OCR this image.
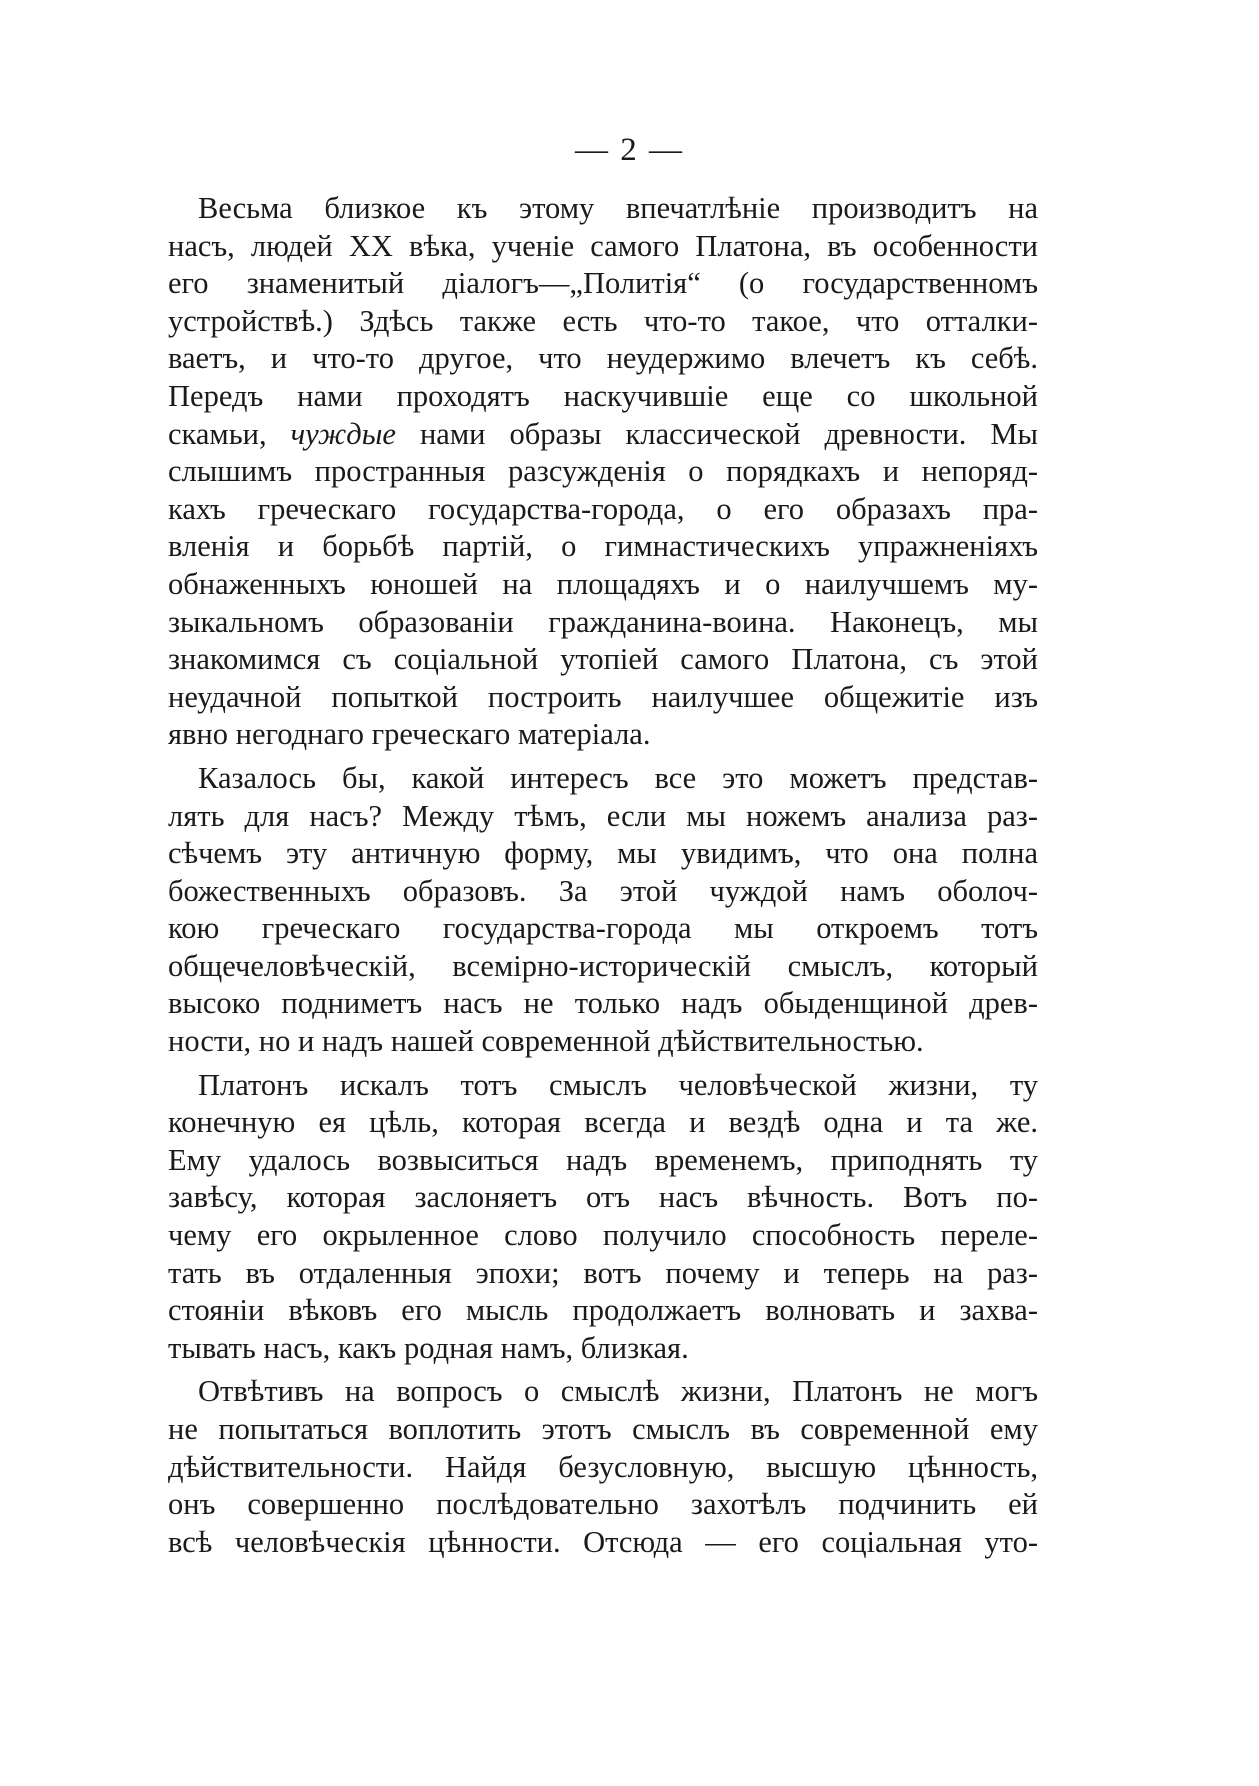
— 2 —
Весьма близкое къ этому впечатлѣніе производитъ на
насъ, людей XX вѣка, ученіе самого Платона, въ особенности
его знаменитый діалогъ—„Политія“ (о государственномъ
устройствѣ.) Здѣсь также есть что-то такое, что отталки-
ваетъ, и что-то другое, что неудержимо влечетъ къ себѣ.
Передъ нами проходятъ наскучившіе еще со школьной
скамьи, чуждые нами образы классической древности. Мы
слышимъ пространныя разсужденія о порядкахъ и непоряд-
кахъ греческаго государства-города, о его образахъ пра-
вленія и борьбѣ партій, о гимнастическихъ упражненіяхъ
обнаженныхъ юношей на площадяхъ и о наилучшемъ му-
зыкальномъ образованіи гражданина-воина. Наконецъ, мы
знакомимся съ соціальной утопіей самого Платона, съ этой
неудачной попыткой построить наилучшее общежитіе изъ
явно негоднаго греческаго матеріала.
Казалось бы, какой интересъ все это можетъ представ-
лять для насъ? Между тѣмъ, если мы ножемъ анализа раз-
сѣчемъ эту античную форму, мы увидимъ, что она полна
божественныхъ образовъ. За этой чуждой намъ оболоч-
кою греческаго государства-города мы откроемъ тотъ
общечеловѣческій, всемірно-историческій смыслъ, который
высоко подниметъ насъ не только надъ обыденщиной древ-
ности, но и надъ нашей современной дѣйствительностью.
Платонъ искалъ тотъ смыслъ человѣческой жизни, ту
конечную ея цѣль, которая всегда и вездѣ одна и та же.
Ему удалось возвыситься надъ временемъ, приподнять ту
завѣсу, которая заслоняетъ отъ насъ вѣчность. Вотъ по-
чему его окрыленное слово получило способность переле-
тать въ отдаленныя эпохи; вотъ почему и теперь на раз-
стояніи вѣковъ его мысль продолжаетъ волновать и захва-
тывать насъ, какъ родная намъ, близкая.
Отвѣтивъ на вопросъ о смыслѣ жизни, Платонъ не могъ
не попытаться воплотить этотъ смыслъ въ современной ему
дѣйствительности. Найдя безусловную, высшую цѣнность,
онъ совершенно послѣдовательно захотѣлъ подчинить ей
всѣ человѣческія цѣнности. Отсюда — его соціальная уто-
